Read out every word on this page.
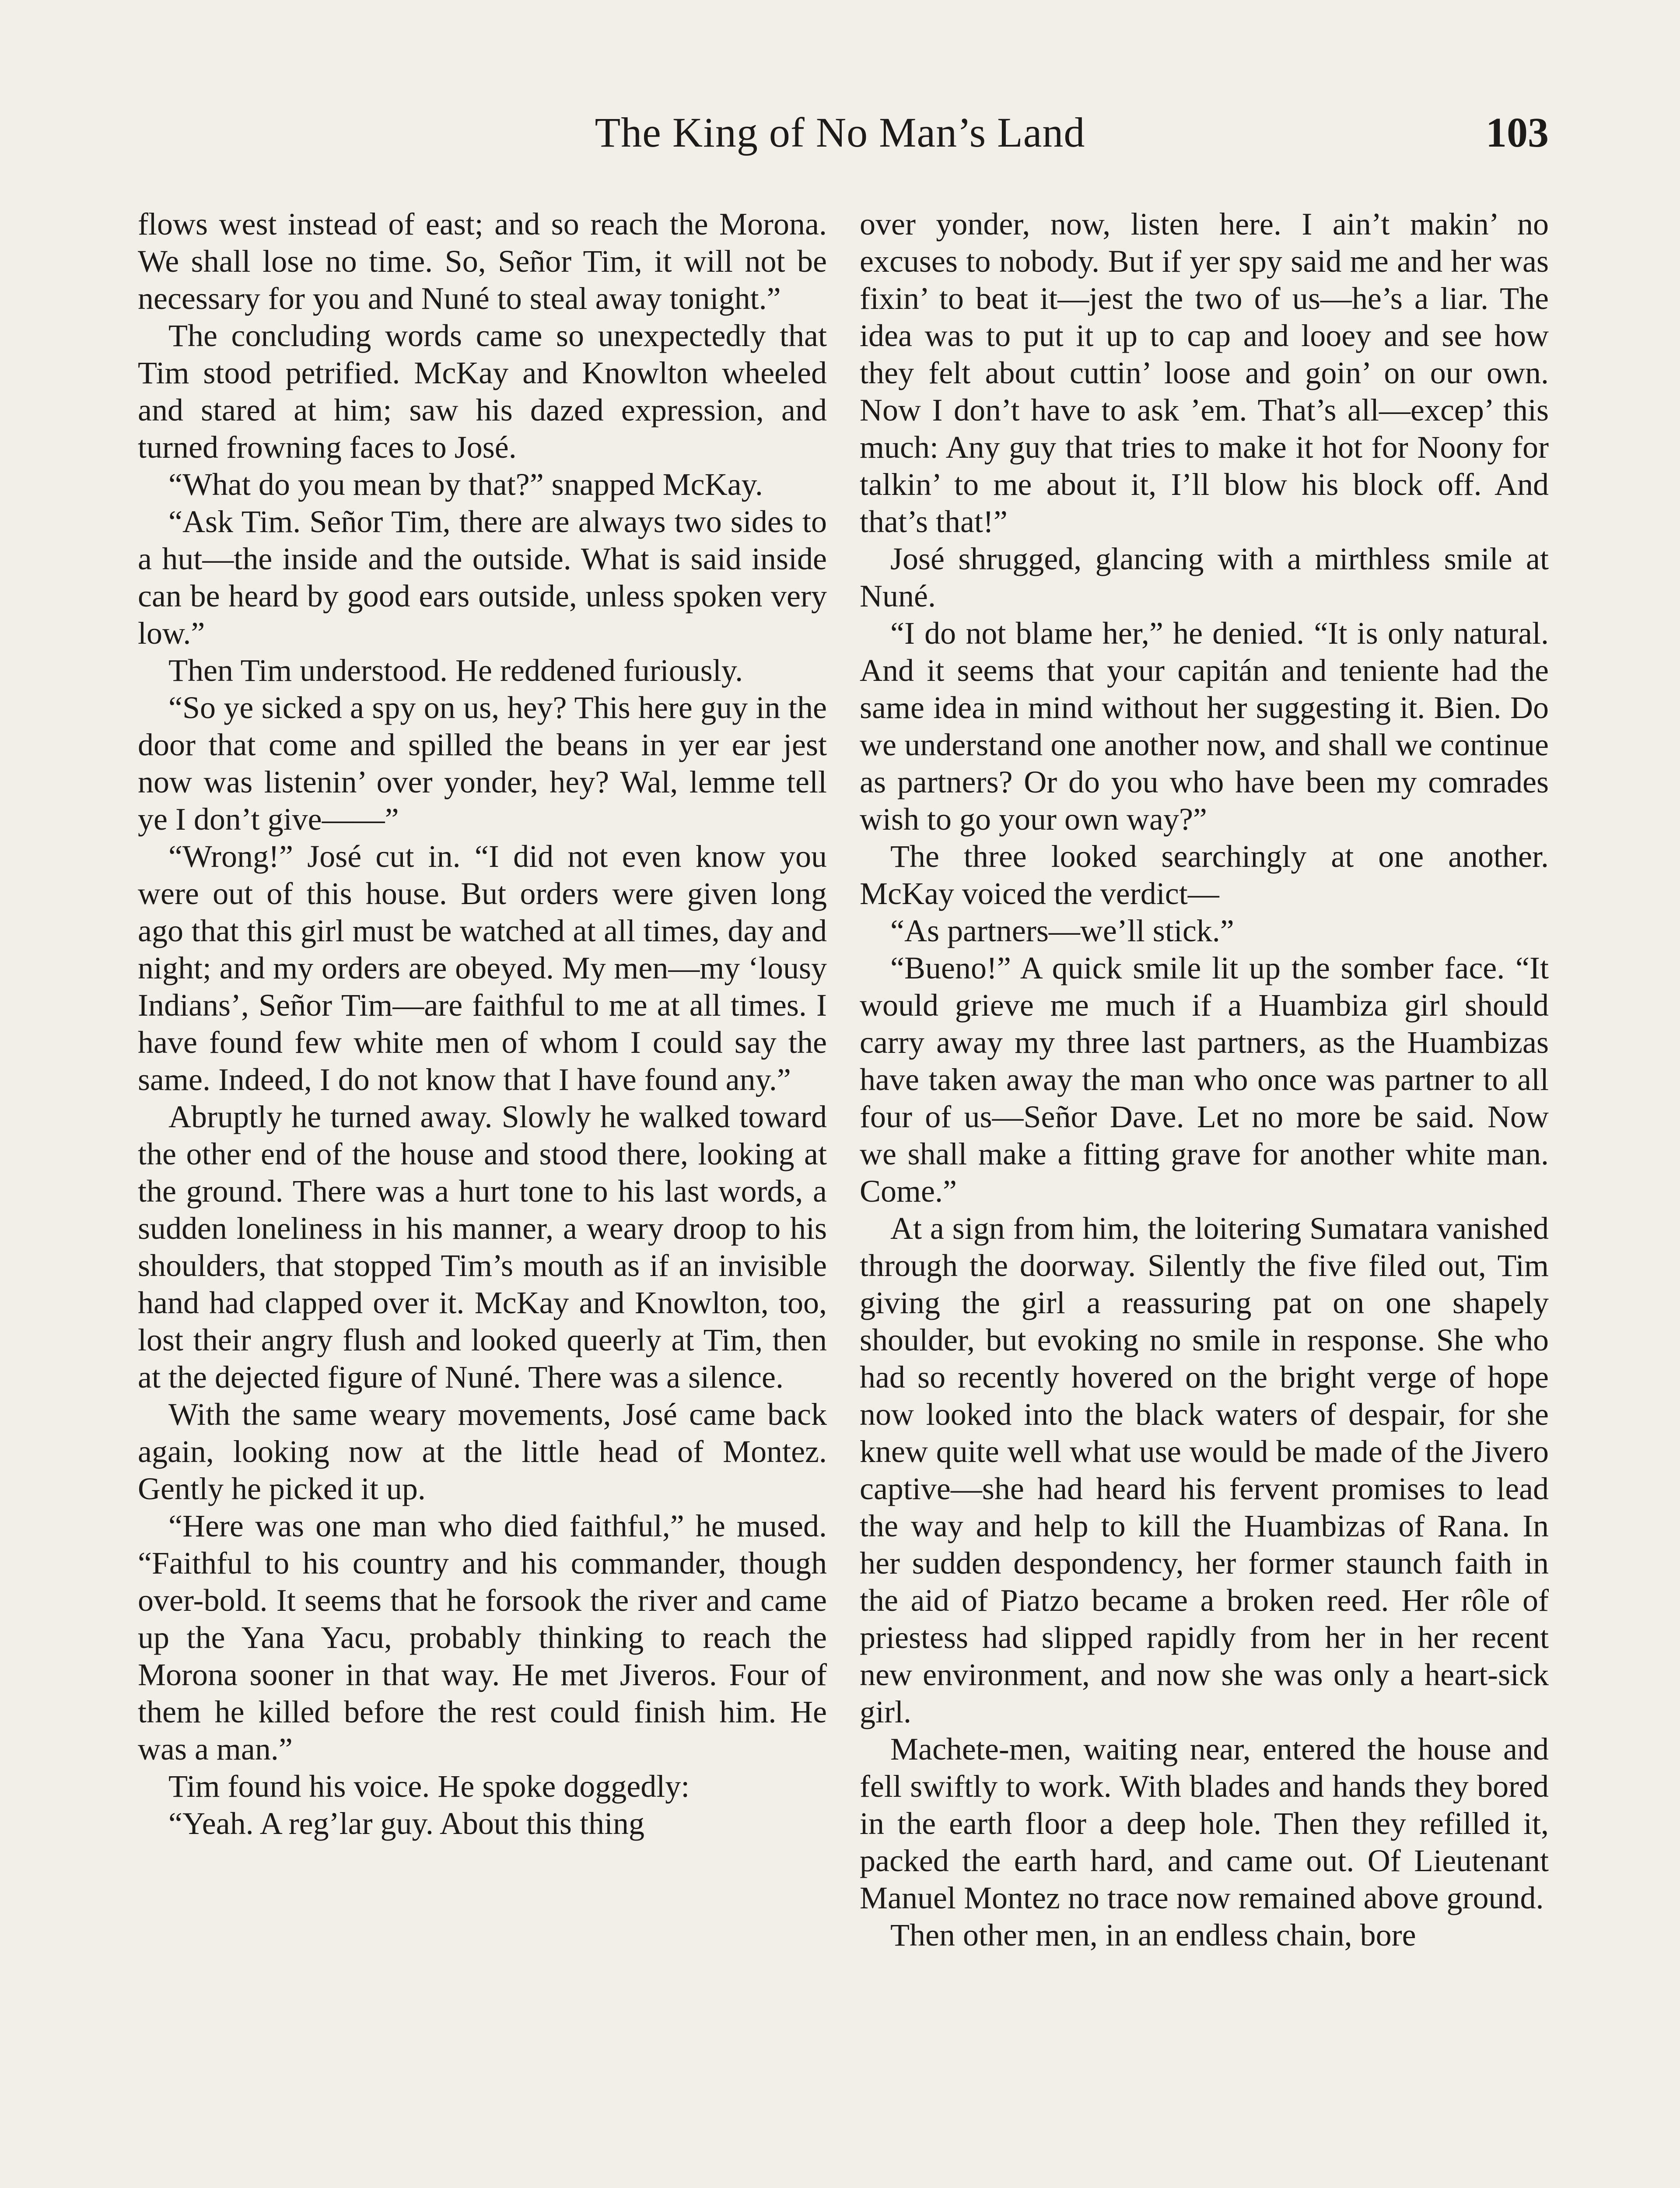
The King of No Man’s Land	103

flows west instead of east; and so reach the Morona. We shall lose no time. So, Señor Tim, it will not be necessary for you and Nuné to steal away tonight.”

The concluding words came so unexpectedly that Tim stood petrified. McKay and Knowlton wheeled and stared at him; saw his dazed expression, and turned frowning faces to José.

“What do you mean by that?” snapped McKay.

“Ask Tim. Señor Tim, there are always two sides to a hut—the inside and the outside. What is said inside can be heard by good ears outside, unless spoken very low.”

Then Tim understood. He reddened furiously.

“So ye sicked a spy on us, hey? This here guy in the door that come and spilled the beans in yer ear jest now was listenin’ over yonder, hey? Wal, lemme tell ye I don’t give——”

“Wrong!” José cut in. “I did not even know you were out of this house. But orders were given long ago that this girl must be watched at all times, day and night; and my orders are obeyed. My men—my ‘lousy Indians’, Señor Tim—are faithful to me at all times. I have found few white men of whom I could say the same. Indeed, I do not know that I have found any.”

Abruptly he turned away. Slowly he walked toward the other end of the house and stood there, looking at the ground. There was a hurt tone to his last words, a sudden loneliness in his manner, a weary droop to his shoulders, that stopped Tim’s mouth as if an invisible hand had clapped over it. McKay and Knowlton, too, lost their angry flush and looked queerly at Tim, then at the dejected figure of Nuné. There was a silence.

With the same weary movements, José came back again, looking now at the little head of Montez. Gently he picked it up.

“Here was one man who died faithful,” he mused. “Faithful to his country and his commander, though over-bold. It seems that he forsook the river and came up the Yana Yacu, probably thinking to reach the Morona sooner in that way. He met Jiveros. Four of them he killed before the rest could finish him. He was a man.”

Tim found his voice. He spoke doggedly:

“Yeah. A reg’lar guy. About this thing

over yonder, now, listen here. I ain’t makin’ no excuses to nobody. But if yer spy said me and her was fixin’ to beat it—jest the two of us—he’s a liar. The idea was to put it up to cap and looey and see how they felt about cuttin’ loose and goin’ on our own. Now I don’t have to ask ’em. That’s all—excep’ this much: Any guy that tries to make it hot for Noony for talkin’ to me about it, I’ll blow his block off. And that’s that!”

José shrugged, glancing with a mirthless smile at Nuné.

“I do not blame her,” he denied. “It is only natural. And it seems that your capitán and teniente had the same idea in mind without her suggesting it. Bien. Do we understand one another now, and shall we continue as partners? Or do you who have been my comrades wish to go your own way?”

The three looked searchingly at one another. McKay voiced the verdict—

“As partners—we’ll stick.”

“Bueno!” A quick smile lit up the somber face. “It would grieve me much if a Huambiza girl should carry away my three last partners, as the Huambizas have taken away the man who once was partner to all four of us—Señor Dave. Let no more be said. Now we shall make a fitting grave for another white man. Come.”

At a sign from him, the loitering Sumatara vanished through the doorway. Silently the five filed out, Tim giving the girl a reassuring pat on one shapely shoulder, but evoking no smile in response. She who had so recently hovered on the bright verge of hope now looked into the black waters of despair, for she knew quite well what use would be made of the Jivero captive—she had heard his fervent promises to lead the way and help to kill the Huambizas of Rana. In her sudden despondency, her former staunch faith in the aid of Piatzo became a broken reed. Her rôle of priestess had slipped rapidly from her in her recent new environment, and now she was only a heart-sick girl.

Machete-men, waiting near, entered the house and fell swiftly to work. With blades and hands they bored in the earth floor a deep hole. Then they refilled it, packed the earth hard, and came out. Of Lieutenant Manuel Montez no trace now remained above ground.

Then other men, in an endless chain, bore
